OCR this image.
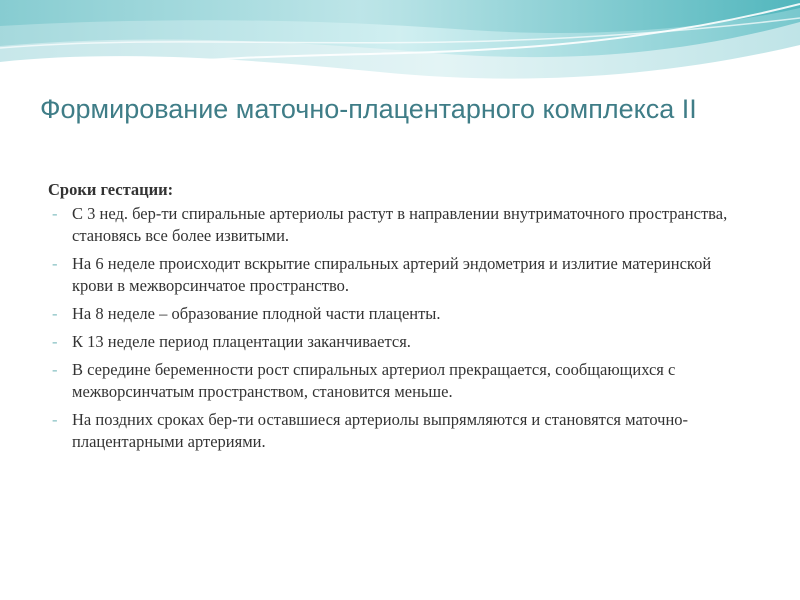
Формирование маточно-плацентарного комплекса II

Сроки гестации:

- С 3 нед. бер-ти спиральные артериолы растут в направлении внутриматочного пространства, становясь все более извитыми.
- На 6 неделе происходит вскрытие спиральных артерий эндометрия и излитие материнской крови в межворсинчатое пространство.
- На 8 неделе – образование плодной части плаценты.
- К 13 неделе период плацентации заканчивается.
- В середине беременности рост спиральных артериол прекращается, сообщающихся с межворсинчатым пространством, становится меньше.
- На поздних сроках бер-ти оставшиеся артериолы выпрямляются и становятся маточно-плацентарными артериями.
